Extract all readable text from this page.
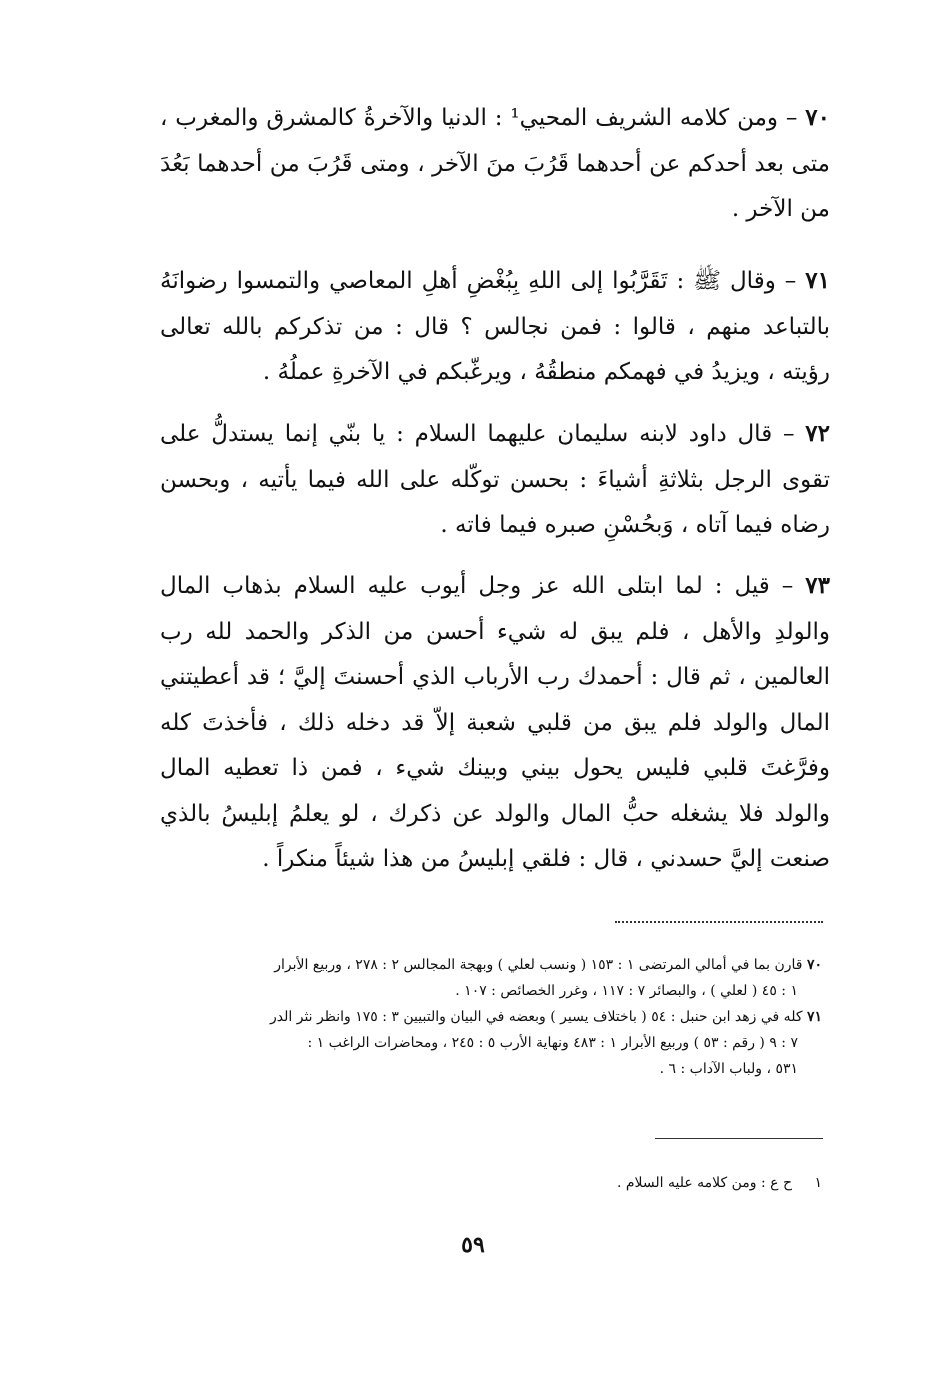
٧٠ – ومن كلامه الشريف المحيي¹ : الدنيا والآخرةُ كالمشرق والمغرب ، متى بعد أحدكم عن أحدهما قَرُبَ منَ الآخر ، ومتى قَرُبَ من أحدهما بَعُدَ من الآخر .

٧١ – وقال ﷺ : تَقَرَّبُوا إلى اللهِ بِبُغْضِ أهلِ المعاصي والتمسوا رضوانَهُ بالتباعد منهم ، قالوا : فمن نجالس ؟ قال : من تذكركم بالله تعالى رؤيته ، ويزيدُ في فهمكم منطقُهُ ، ويرغّبكم في الآخرةِ عملُهُ .

٧٢ – قال داود لابنه سليمان عليهما السلام : يا بنّي إنما يستدلُّ على تقوى الرجل بثلاثةِ أشياءَ : بحسن توكّله على الله فيما يأتيه ، وبحسن رضاه فيما آتاه ، وَبحُسْنِ صبره فيما فاته .

٧٣ – قيل : لما ابتلى الله عز وجل أيوب عليه السلام بذهاب المال والولدِ والأهل ، فلم يبق له شيء أحسن من الذكر والحمد لله رب العالمين ، ثم قال : أحمدك رب الأرباب الذي أحسنتَ إليَّ ؛ قد أعطيتني المال والولد فلم يبق من قلبي شعبة إلاّ قد دخله ذلك ، فأخذتَ كله وفرَّغتَ قلبي فليس يحول بيني وبينك شيء ، فمن ذا تعطيه المال والولد فلا يشغله حبُّ المال والولد عن ذكرك ، لو يعلمُ إبليسُ بالذي صنعت إليَّ حسدني ، قال : فلقي إبليسُ من هذا شيئاً منكراً .

٧٠ قارن بما في أمالي المرتضى ١ : ١٥٣ ( ونسب لعلي ) وبهجة المجالس ٢ : ٢٧٨ ، وربيع الأبرار
١ : ٤٥ ( لعلي ) ، والبصائر ٧ : ١١٧ ، وغرر الخصائص : ١٠٧ .
٧١ كله في زهد ابن حنبل : ٥٤ ( باختلاف يسير ) وبعضه في البيان والتبيين ٣ : ١٧٥ وانظر نثر الدر
٧ : ٩ ( رقم : ٥٣ ) وربيع الأبرار ١ : ٤٨٣ ونهاية الأرب ٥ : ٢٤٥ ، ومحاضرات الراغب ١ :
٥٣١ ، ولباب الآداب : ٦ .
١ ح ع : ومن كلامه عليه السلام .
٥٩
